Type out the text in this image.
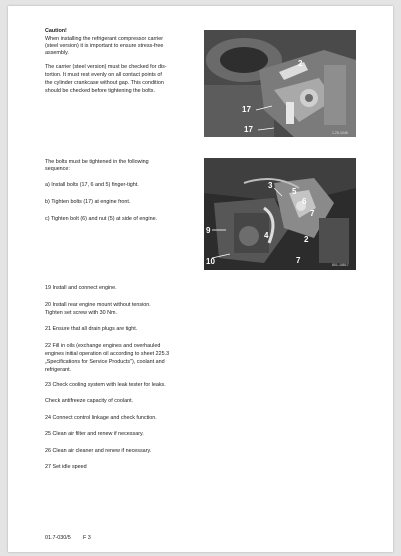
Caution!
When installing the refrigerant compressor carrier
(steel version) it is important to ensure stress-free
assembly.
The carrier (steel version) must be checked for dis-
tortion. It must rest evenly on all contact points of
the cylinder crankcase without gap. This condition
should be checked before tightening the bolts.
2
17
17	1.25-1046
The bolts must be tightened in the following
sequence:
a) Install bolts (17, 6 and 5) finger-tight.
b) Tighten bolts (17) at engine front.
c) Tighten bolt (6) and nut (5) at side of engine.
3
5
6
7
2
7
4
9
10	801-18817
19 Install and connect engine.
20 Install rear engine mount without tension.
Tighten set screw with 30 Nm.
21 Ensure that all drain plugs are tight.
22 Fill in oils (exchange engines and overhauled
engines initial operation oil according to sheet 225.3
„Specifications for Service Products"), coolant and
refrigerant.
23 Check cooling system with leak tester for leaks.
Check antifreeze capacity of coolant.
24 Connect control linkage and check function.
25 Clean air filter and renew if necessary.
26 Clean air cleaner and renew if necessary.
27 Set idle speed
01.7-030/5 F 3
